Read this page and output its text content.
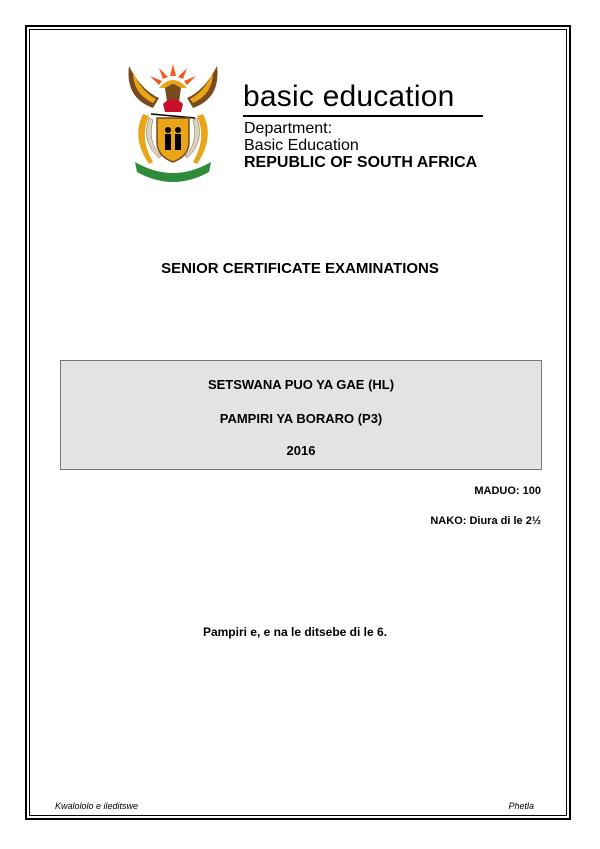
basic education
Department:
Basic Education
REPUBLIC OF SOUTH AFRICA
SENIOR CERTIFICATE EXAMINATIONS
SETSWANA PUO YA GAE (HL)
PAMPIRI YA BORARO (P3)
2016
MADUO: 100
NAKO: Diura di le 2½
Pampiri e, e na le ditsebe di le 6.
Kwalololo e ileditswe	Phetla
